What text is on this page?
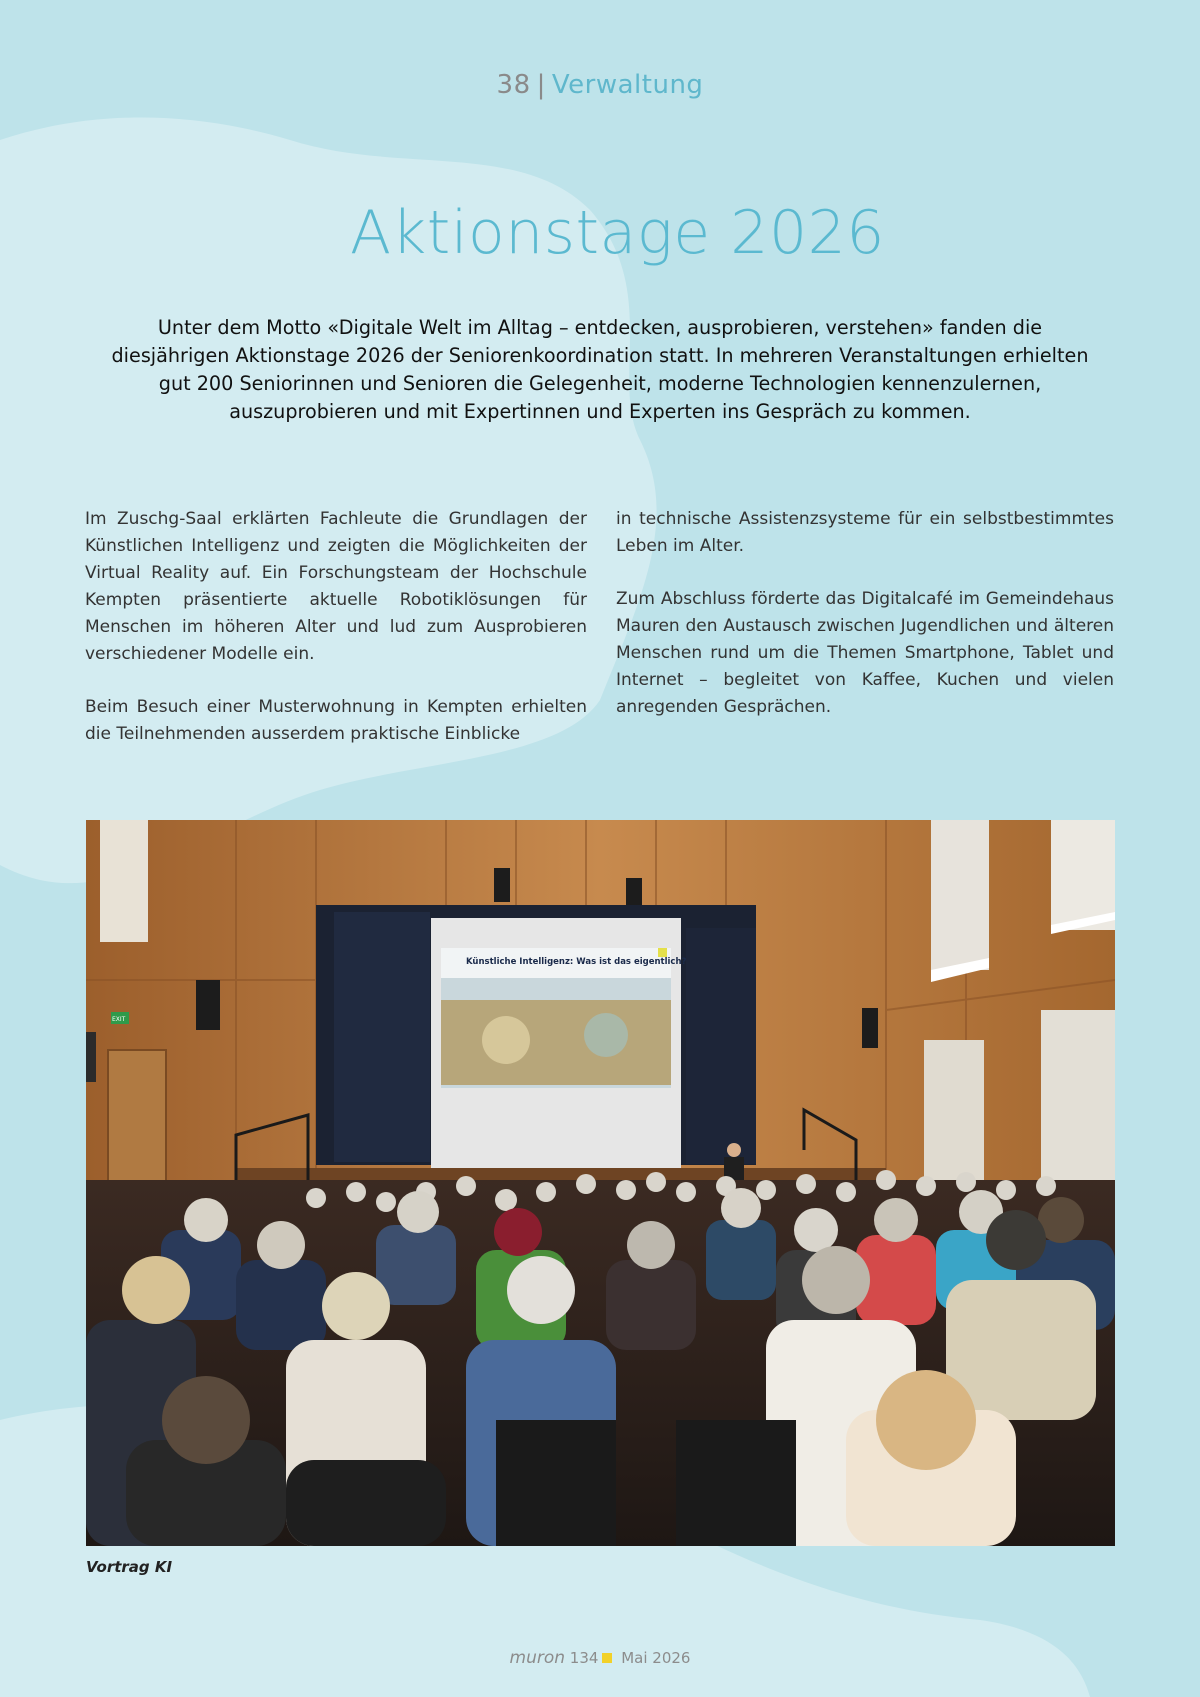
38 | Verwaltung
Aktionstage 2026

Unter dem Motto «Digitale Welt im Alltag – entdecken, ausprobieren, verstehen» fanden die diesjährigen Aktionstage 2026 der Seniorenkoordination statt. In mehreren Veranstaltungen erhielten gut 200 Seniorinnen und Senioren die Gelegenheit, moderne Technologien kennenzulernen, auszuprobieren und mit Expertinnen und Experten ins Gespräch zu kommen.

Im Zuschg-Saal erklärten Fachleute die Grundlagen der Künstlichen Intelligenz und zeigten die Möglichkeiten der Virtual Reality auf. Ein Forschungsteam der Hochschule Kempten präsentierte aktuelle Robotiklösungen für Menschen im höheren Alter und lud zum Ausprobieren verschiedener Modelle ein.

Beim Besuch einer Musterwohnung in Kempten erhielten die Teilnehmenden ausserdem praktische Einblicke

in technische Assistenzsysteme für ein selbstbestimmtes Leben im Alter.

Zum Abschluss förderte das Digitalcafé im Gemeindehaus Mauren den Austausch zwischen Jugendlichen und älteren Menschen rund um die Themen Smartphone, Tablet und Internet – begleitet von Kaffee, Kuchen und vielen anregenden Gesprächen.

EXIT
Künstliche Intelligenz: Was ist das eigentlich?
Vortrag KI
muron 134 Mai 2026
